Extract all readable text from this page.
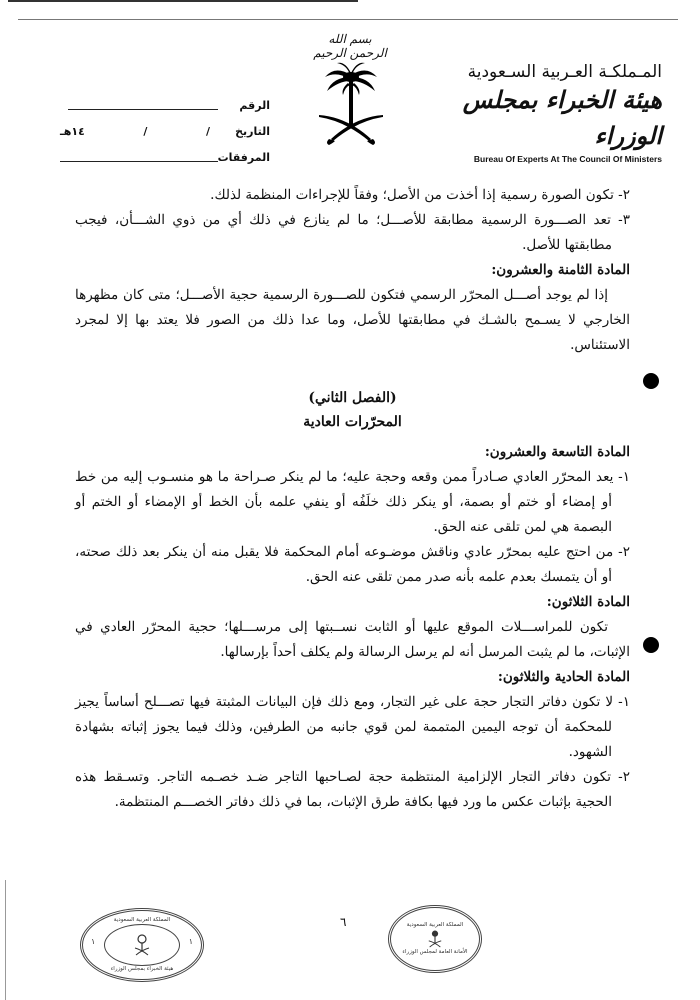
بسم الله الرحمن الرحيم
المـملكـة العـربية السـعودية
هيئة الخبراء بمجلس الوزراء
Bureau Of Experts At The Council Of Ministers
الرقم
التاريخ
/
/
١٤هـ
المرفقات

٢- تكون الصورة رسمية إذا أخذت من الأصل؛ وفقاً للإجراءات المنظمة لذلك.

٣- تعد الصـــورة الرسمية مطابقة للأصـــل؛ ما لم ينازع في ذلك أي من ذوي الشـــأن، فيجب مطابقتها للأصل.

المادة الثامنة والعشرون:

إذا لم يوجد أصـــل المحرّر الرسمي فتكون للصـــورة الرسمية حجية الأصـــل؛ متى كان مظهرها الخارجي لا يسـمح بالشـك في مطابقتها للأصل، وما عدا ذلك من الصور فلا يعتد بها إلا لمجرد الاستئناس.

(الفصل الثاني)

المحرّرات العادية

المادة التاسعة والعشرون:

١- يعد المحرّر العادي صـادراً ممن وقعه وحجة عليه؛ ما لم ينكر صـراحة ما هو منسـوب إليه من خط أو إمضاء أو ختم أو بصمة، أو ينكر ذلك خلَفُه أو ينفي علمه بأن الخط أو الإمضاء أو الختم أو البصمة هي لمن تلقى عنه الحق.

٢- من احتج عليه بمحرّر عادي وناقش موضـوعه أمام المحكمة فلا يقبل منه أن ينكر بعد ذلك صحته، أو أن يتمسك بعدم علمه بأنه صدر ممن تلقى عنه الحق.

المادة الثلاثون:

تكون للمراســـلات الموقع عليها أو الثابت نســبتها إلى مرســـلها؛ حجية المحرّر العادي في الإثبات، ما لم يثبت المرسل أنه لم يرسل الرسالة ولم يكلف أحداً بإرسالها.

المادة الحادية والثلاثون:

١- لا تكون دفاتر التجار حجة على غير التجار، ومع ذلك فإن البيانات المثبتة فيها تصـــلح أساساً يجيز للمحكمة أن توجه اليمين المتممة لمن قوي جانبه من الطرفين، وذلك فيما يجوز إثباته بشهادة الشهود.

٢- تكون دفاتر التجار الإلزامية المنتظمة حجة لصـاحبها التاجر ضـد خصـمه التاجر. وتسـقط هذه الحجية بإثبات عكس ما ورد فيها بكافة طرق الإثبات، بما في ذلك دفاتر الخصـــم المنتظمة.

٦
١	١
المملكة العربية السعودية
هيئة الخبراء بمجلس الوزراء
المملكة العربية السعودية
الأمانة العامة لمجلس الوزراء
